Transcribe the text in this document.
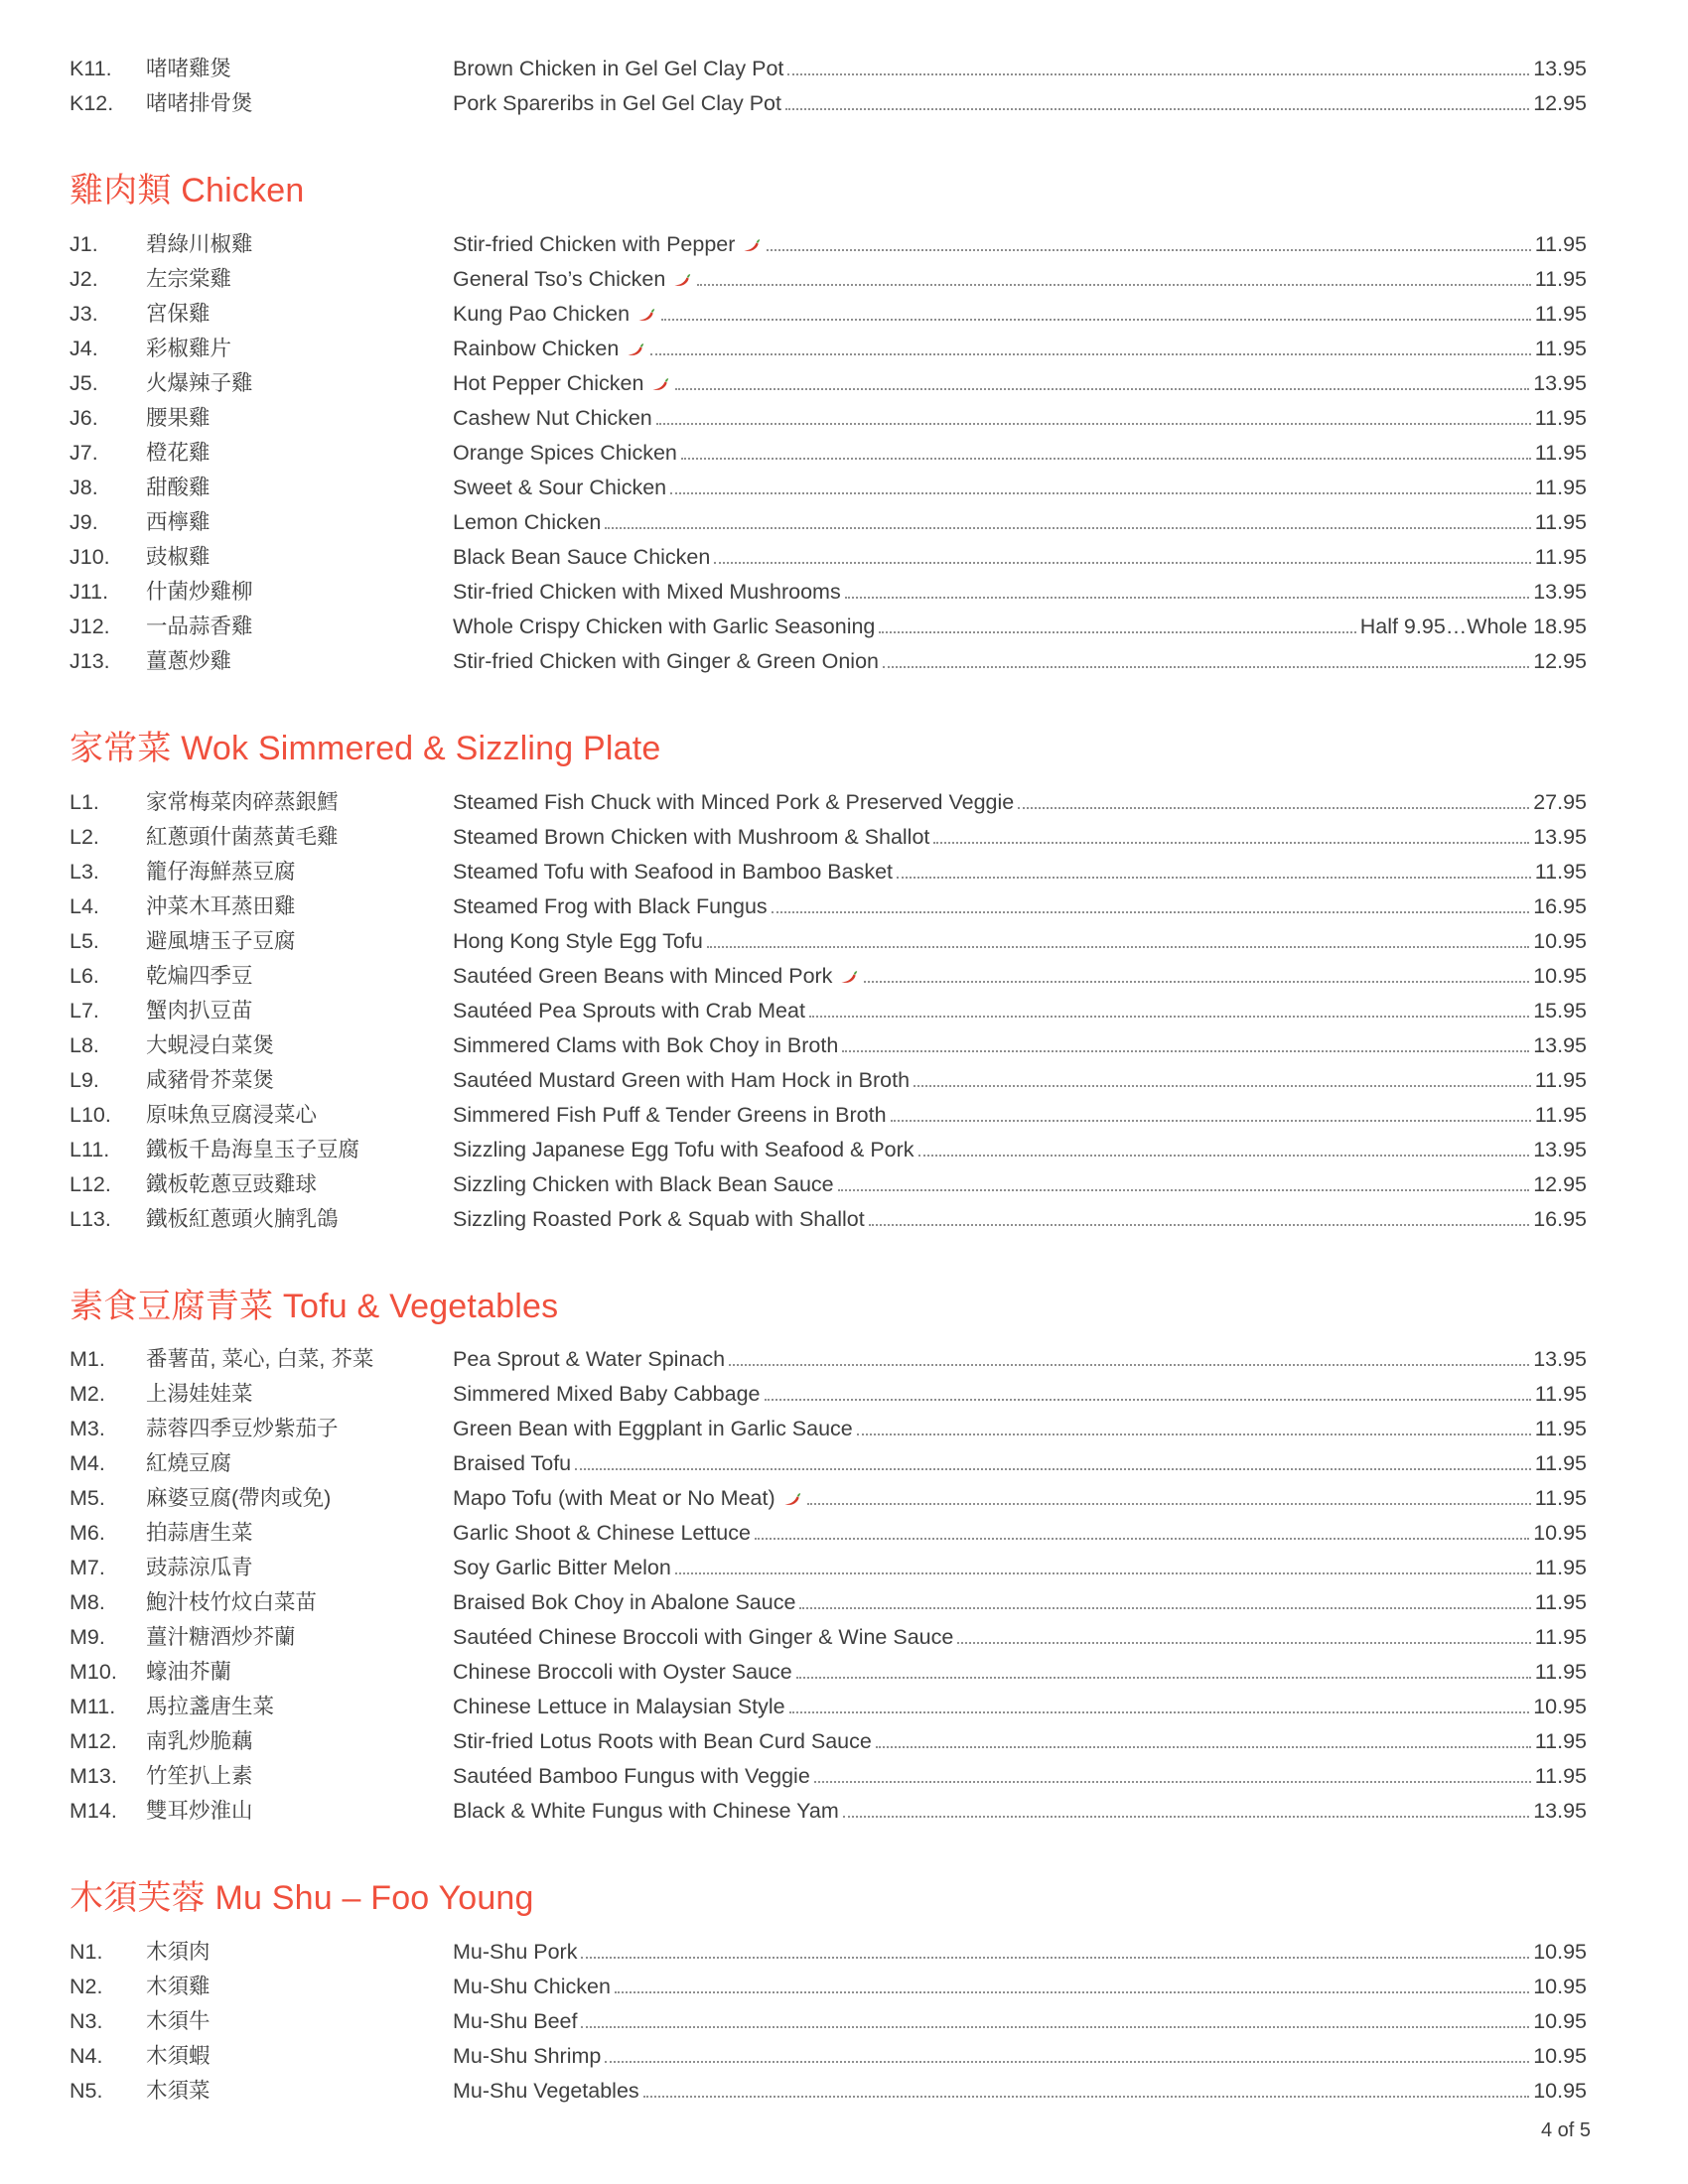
K11.	啫啫雞煲	Brown Chicken in Gel Gel Clay Pot	13.95
K12.	啫啫排骨煲	Pork Spareribs in Gel Gel Clay Pot	12.95
雞肉類 Chicken
J1.	碧綠川椒雞	Stir-fried Chicken with Pepper	11.95
J2.	左宗棠雞	General Tso’s Chicken	11.95
J3.	宮保雞	Kung Pao Chicken	11.95
J4.	彩椒雞片	Rainbow Chicken	11.95
J5.	火爆辣子雞	Hot Pepper Chicken	13.95
J6.	腰果雞	Cashew Nut Chicken	11.95
J7.	橙花雞	Orange Spices Chicken	11.95
J8.	甜酸雞	Sweet & Sour Chicken	11.95
J9.	西檸雞	Lemon Chicken	11.95
J10.	豉椒雞	Black Bean Sauce Chicken	11.95
J11.	什菌炒雞柳	Stir-fried Chicken with Mixed Mushrooms	13.95
J12.	一品蒜香雞	Whole Crispy Chicken with Garlic Seasoning	Half 9.95…Whole 18.95
J13.	薑蔥炒雞	Stir-fried Chicken with Ginger & Green Onion	12.95
家常菜 Wok Simmered & Sizzling Plate
L1.	家常梅菜肉碎蒸銀鱈	Steamed Fish Chuck with Minced Pork & Preserved Veggie	27.95
L2.	紅蔥頭什菌蒸黃毛雞	Steamed Brown Chicken with Mushroom & Shallot	13.95
L3.	籠仔海鮮蒸豆腐	Steamed Tofu with Seafood in Bamboo Basket	11.95
L4.	沖菜木耳蒸田雞	Steamed Frog with Black Fungus	16.95
L5.	避風塘玉子豆腐	Hong Kong Style Egg Tofu	10.95
L6.	乾煸四季豆	Sautéed Green Beans with Minced Pork	10.95
L7.	蟹肉扒豆苗	Sautéed Pea Sprouts with Crab Meat	15.95
L8.	大蜆浸白菜煲	Simmered Clams with Bok Choy in Broth	13.95
L9.	咸豬骨芥菜煲	Sautéed Mustard Green with Ham Hock in Broth	11.95
L10.	原味魚豆腐浸菜心	Simmered Fish Puff & Tender Greens in Broth	11.95
L11.	鐵板千島海皇玉子豆腐	Sizzling Japanese Egg Tofu with Seafood & Pork	13.95
L12.	鐵板乾蔥豆豉雞球	Sizzling Chicken with Black Bean Sauce	12.95
L13.	鐵板紅蔥頭火腩乳鴿	Sizzling Roasted Pork & Squab with Shallot	16.95
素食豆腐青菜 Tofu & Vegetables
M1.	番薯苗, 菜心, 白菜, 芥菜	Pea Sprout & Water Spinach	13.95
M2.	上湯娃娃菜	Simmered Mixed Baby Cabbage	11.95
M3.	蒜蓉四季豆炒紫茄子	Green Bean with Eggplant in Garlic Sauce	11.95
M4.	紅燒豆腐	Braised Tofu	11.95
M5.	麻婆豆腐(帶肉或免)	Mapo Tofu (with Meat or No Meat)	11.95
M6.	拍蒜唐生菜	Garlic Shoot & Chinese Lettuce	10.95
M7.	豉蒜涼瓜青	Soy Garlic Bitter Melon	11.95
M8.	鮑汁枝竹炆白菜苗	Braised Bok Choy in Abalone Sauce	11.95
M9.	薑汁糖酒炒芥蘭	Sautéed Chinese Broccoli with Ginger & Wine Sauce	11.95
M10.	蠔油芥蘭	Chinese Broccoli with Oyster Sauce	11.95
M11.	馬拉盞唐生菜	Chinese Lettuce in Malaysian Style	10.95
M12.	南乳炒脆藕	Stir-fried Lotus Roots with Bean Curd Sauce	11.95
M13.	竹笙扒上素	Sautéed Bamboo Fungus with Veggie	11.95
M14.	雙耳炒淮山	Black & White Fungus with Chinese Yam	13.95
木須芙蓉 Mu Shu – Foo Young
N1.	木須肉	Mu-Shu Pork	10.95
N2.	木須雞	Mu-Shu Chicken	10.95
N3.	木須牛	Mu-Shu Beef	10.95
N4.	木須蝦	Mu-Shu Shrimp	10.95
N5.	木須菜	Mu-Shu Vegetables	10.95
4 of 5
